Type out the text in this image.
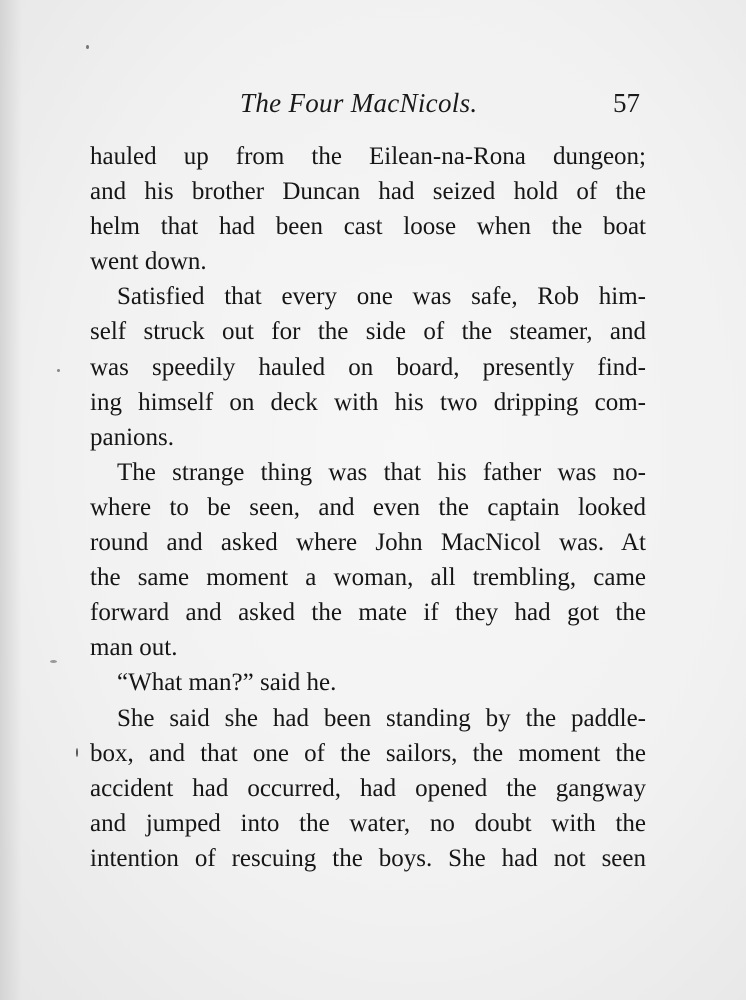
The Four MacNicols.	57
hauled up from the Eilean-na-Rona dungeon;
and his brother Duncan had seized hold of the
helm that had been cast loose when the boat
went down.
Satisfied that every one was safe, Rob him-
self struck out for the side of the steamer, and
was speedily hauled on board, presently find-
ing himself on deck with his two dripping com-
panions.
The strange thing was that his father was no-
where to be seen, and even the captain looked
round and asked where John MacNicol was. At
the same moment a woman, all trembling, came
forward and asked the mate if they had got the
man out.
“What man?” said he.
She said she had been standing by the paddle-
box, and that one of the sailors, the moment the
accident had occurred, had opened the gangway
and jumped into the water, no doubt with the
intention of rescuing the boys. She had not seen
